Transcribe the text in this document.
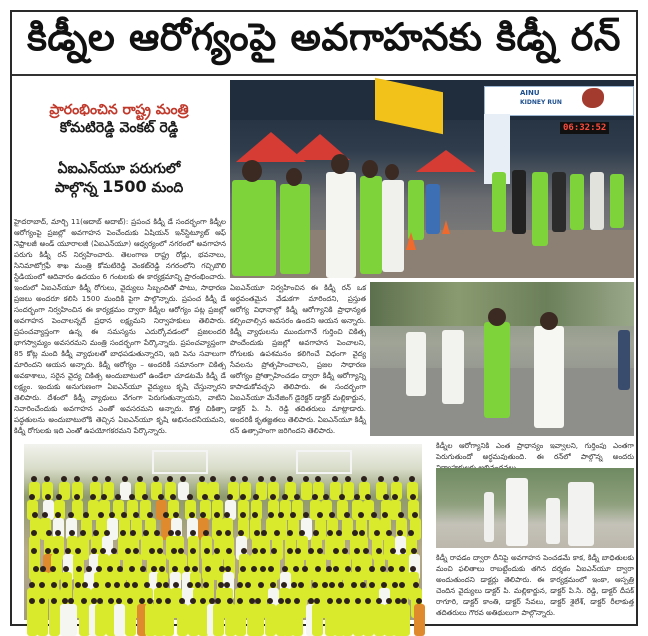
కిడ్నీల ఆరోగ్యంపై అవగాహనకు కిడ్నీ రన్
ప్రారంభించిన రాష్ట్ర మంత్రి
కోమటిరెడ్డి వెంకట్ రెడ్డి
ఏఐఎన్‌యూ పరుగులో
పాల్గొన్న 1500 మంది
హైదరాబాద్, మార్చి 11(ఆదాబ్ అదాబ్): ప్రపంచ కిడ్నీ డే సందర్భంగా కిడ్నీల ఆరోగ్యంపై ప్రజల్లో అవగాహన పెంచేందుకు ఏషియన్ ఇన్‌స్టిట్యూట్ ఆఫ్ నెఫ్రాలజీ అండ్ యూరాలజీ (ఏఐఎన్‌యూ) ఆధ్వర్యంలో నగరంలో అవగాహన పరుగు కిడ్నీ రన్ నిర్వహించారు. తెలంగాణ రాష్ట్ర రోడ్లు, భవనాలు, సినిమాటోగ్రఫీ శాఖ మంత్రి కోమటిరెడ్డి వెంకట్‌రెడ్డి నగరంలోని గచ్చిబౌలి స్టేడియంలో ఆదివారం ఉదయం 6 గంటలకు ఈ కార్యక్రమాన్ని ప్రారంభించారు. ఇందులో ఏఐఎన్‌యూ కిడ్నీ రోగులు, వైద్యులు సిబ్బందితో పాటు, సాధారణ ప్రజలు అందరూ కలిసి 1500 మందికి పైగా పాల్గొన్నారు. ప్రపంచ కిడ్నీ డే సందర్భంగా నిర్వహించిన ఈ కార్యక్రమం ద్వారా కిడ్నీల ఆరోగ్యం పట్ల ప్రజల్లో అవగాహన పెంచాలన్నదే ప్రధాన లక్ష్యమని నిర్వాహకులు తెలిపారు. ప్రపంచవ్యాప్తంగా ఉన్న ఈ సమస్యను ఎదుర్కోవడంలో ప్రజలందరి భాగస్వామ్యం అవసరమని మంత్రి సందర్భంగా పేర్కొన్నారు. ప్రపంచవ్యాప్తంగా 85 కోట్ల మంది కిడ్నీ వ్యాధులతో బాధపడుతున్నారని, ఇది పెను సవాలుగా మారిందని ఆయన అన్నారు. కిడ్నీ ఆరోగ్యం – అందరికీ సమానంగా చికిత్స అవకాశాలు, సరైన వైద్య చికిత్స అందుబాటులో ఉండేలా చూడటమే కిడ్నీ డే లక్ష్యం. ఇందుకు అనుగుణంగా ఏఐఎన్‌యూ వైద్యులు కృషి చేస్తున్నారని తెలిపారు. దేశంలో కిడ్నీ వ్యాధులు వేగంగా పెరుగుతున్నాయని, వాటిని నివారించేందుకు అవగాహన ఎంతో అవసరమని అన్నారు. కొత్త చికిత్సా పద్ధతులను అందుబాటులోకి తెచ్చిన ఏఐఎన్‌యూ కృషి అభినందనీయమని, కిడ్నీ రోగులకు ఇది ఎంతో ఉపయోగకరమని పేర్కొన్నారు.
AINU
KIDNEY RUN
06:32:52
ఏఐఎన్‌యూ నిర్వహించిన ఈ కిడ్నీ రన్ ఒక అర్థవంతమైన వేడుకగా మారిందని, ప్రస్తుత ఆరోగ్య విధానాల్లో కిడ్నీ ఆరోగ్యానికి ప్రాధాన్యత కల్పించాల్సిన అవసరం ఉందని ఆయన అన్నారు. కిడ్నీ వ్యాధులను ముందుగానే గుర్తించి చికిత్స పొందేందుకు ప్రజల్లో అవగాహన పెంచాలని, రోగులకు ఉపశమనం కలిగించే విధంగా వైద్య సేవలను ప్రోత్సహించాలని, ప్రజల సాధారణ ఆరోగ్యం ప్రోత్సాహించడం ద్వారా కిడ్నీ ఆరోగ్యాన్ని కాపాడుకోవచ్చని తెలిపారు. ఈ సందర్భంగా ఏఐఎన్‌యూ మేనేజింగ్ డైరెక్టర్ డాక్టర్ మల్లికార్జున, డాక్టర్ పి. సి. రెడ్డి తదితరులు మాట్లాడారు. అందరికీ కృతజ్ఞతలు తెలిపారు. ఏఐఎన్‌యూ కిడ్నీ రన్ ఉత్సాహంగా జరిగిందని తెలిపారు.
కిడ్నీల ఆరోగ్యానికి ఎంత ప్రాధాన్యం ఇవ్వాలని, గుర్తింపు ఎంతగా పెరుగుతుందో అర్థమవుతుంది. ఈ రన్‌లో పాల్గొన్న అందరు
కిడ్నీ రావడం ద్వారా దీనిపై అవగాహన పెంచడమే కాక, కిడ్నీ బాధితులకు మంచి ఫలితాలు రాబట్టేందుకు తగిన దర్శకం ఏఐఎన్‌యూ ద్వారా అందుతుందని డాక్టర్లు తెలిపారు. ఈ కార్యక్రమంలో ఇంకా, ఆస్పత్రి చెందిన వైద్యులు డాక్టర్ పి. మల్లికార్జున, డాక్టర్ పి.సి. రెడ్డి, డాక్టర్ దీపక్ రాగూరి, డాక్టర్ కాంతి, డాక్టర్ సేవలు, డాక్టర్ శైలేశ్, డాక్టర్ రీలాకుత్త తదితరులు గౌరవ అతిథులుగా పాల్గొన్నారు.
